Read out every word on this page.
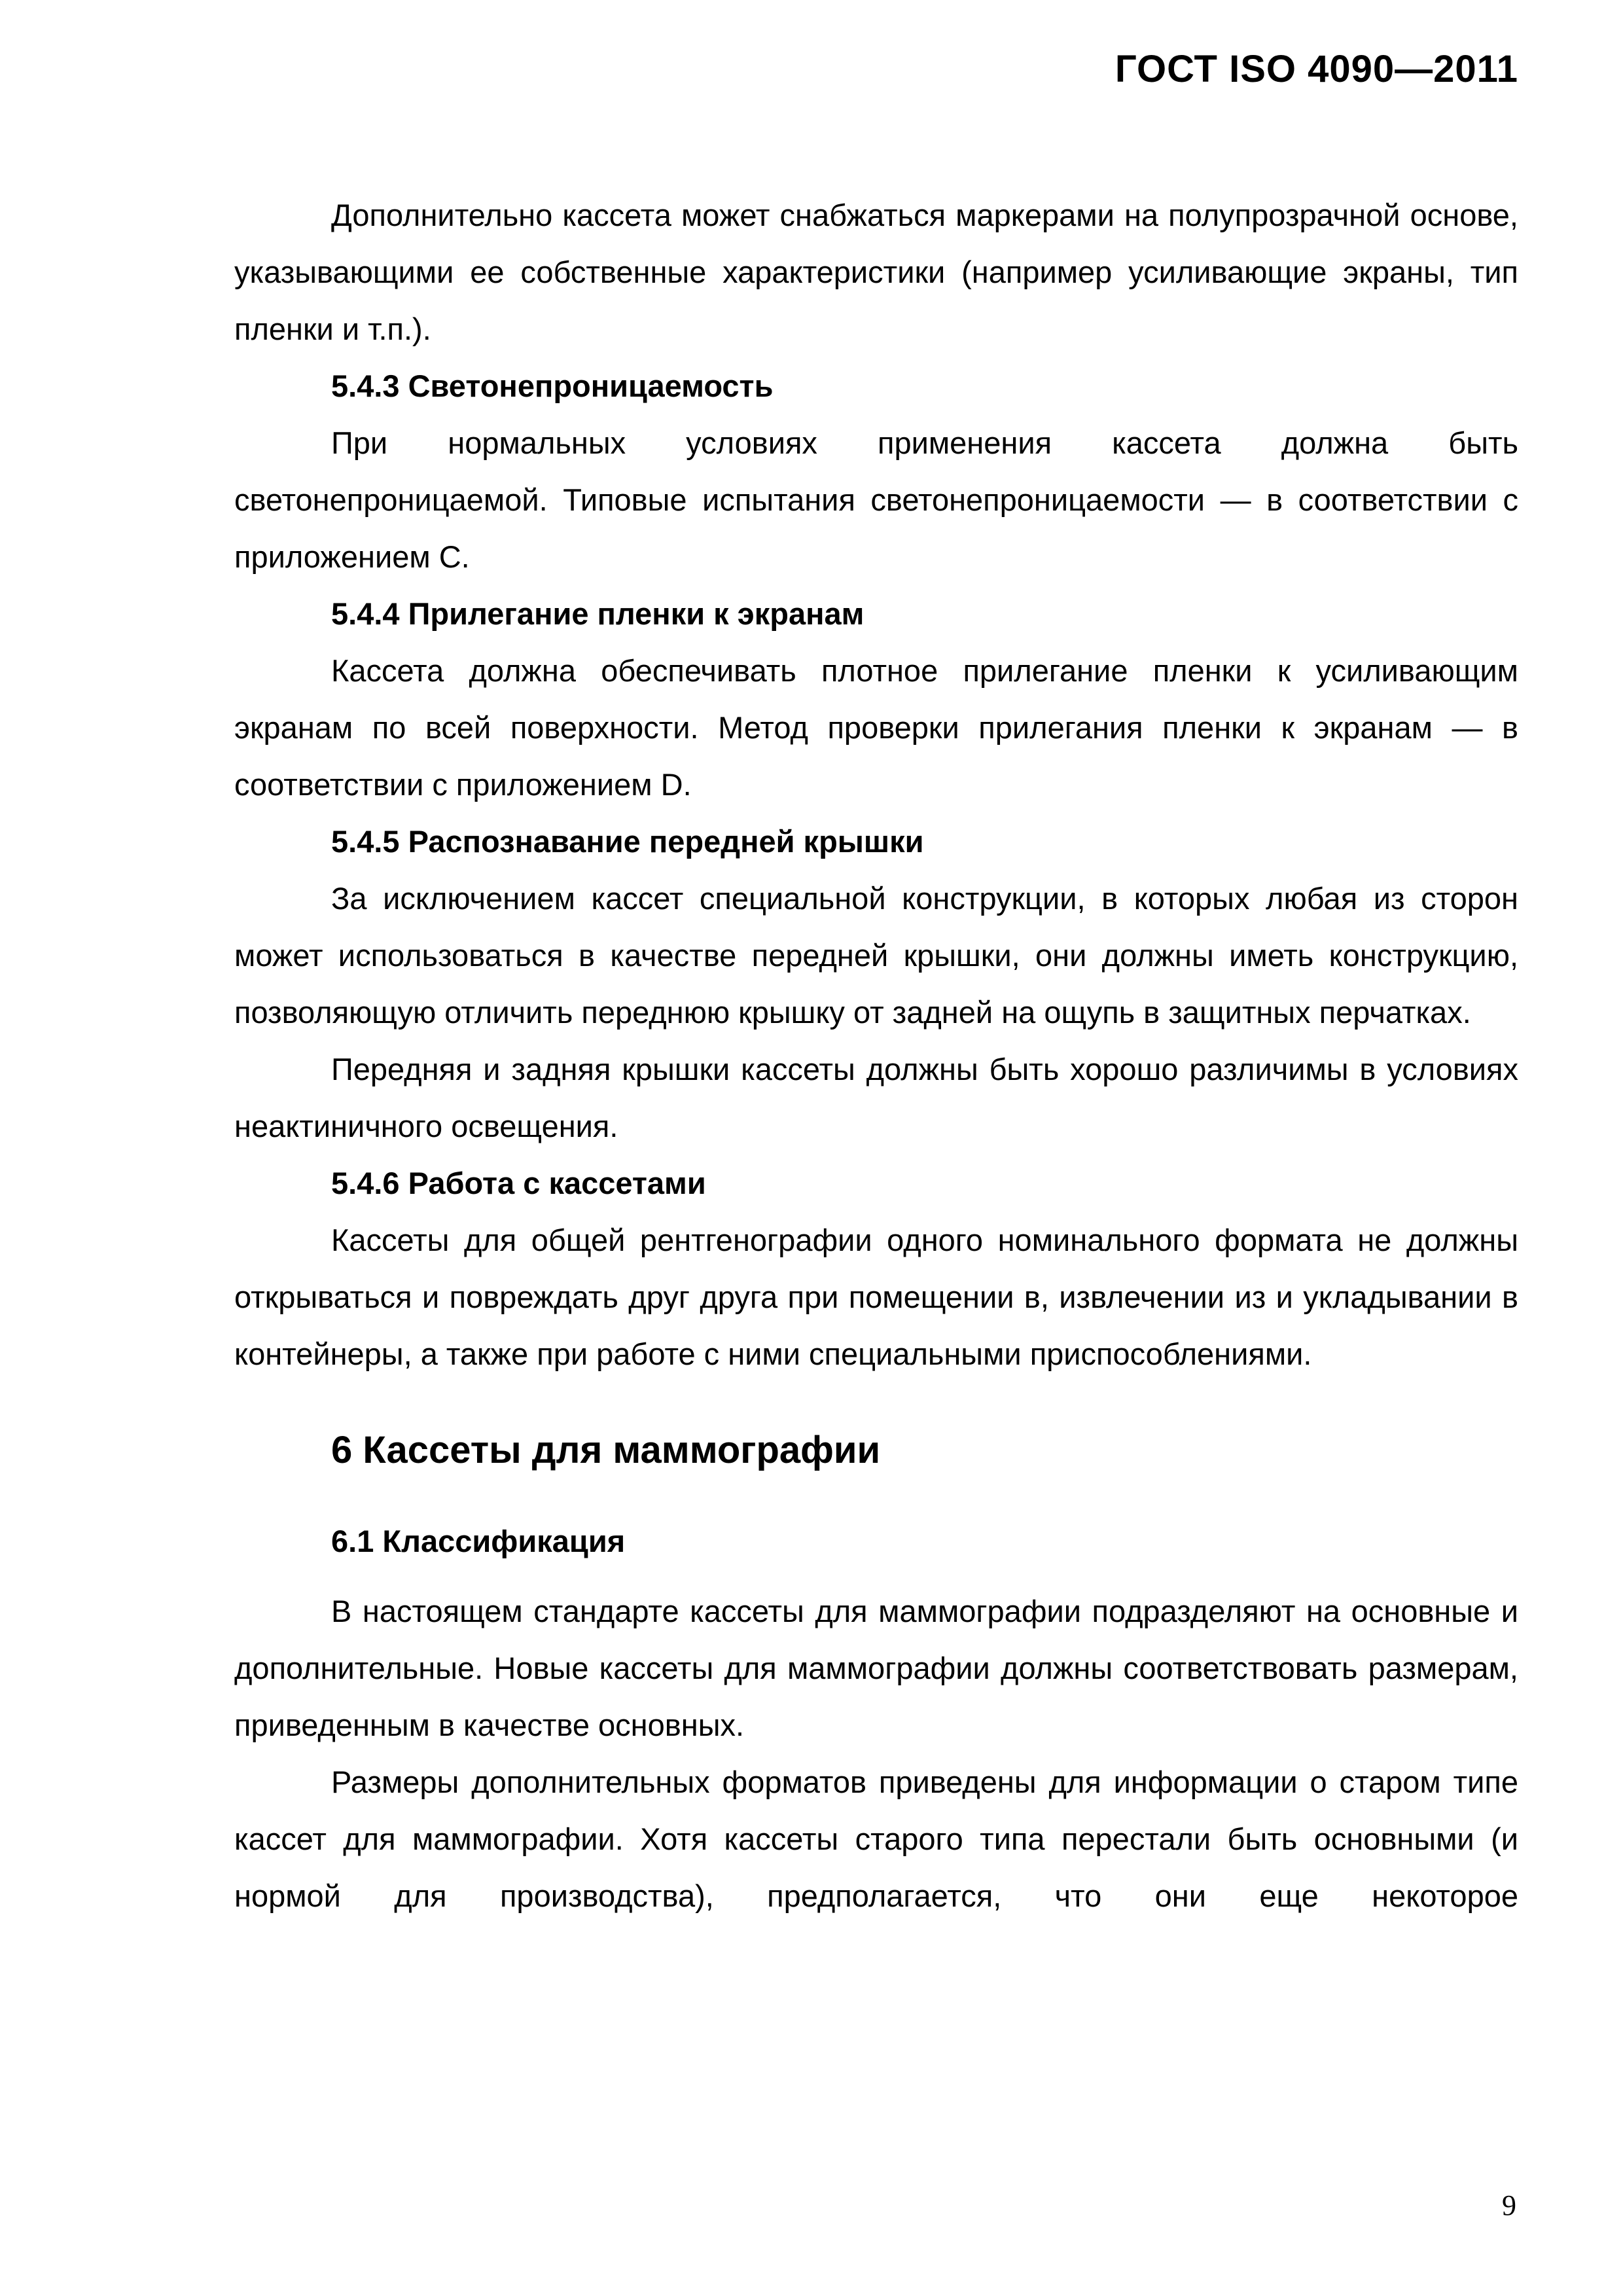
ГОСТ ISO 4090—2011

Дополнительно кассета может снабжаться маркерами на полупрозрачной основе, указывающими ее собственные характеристики (например усиливающие экраны, тип пленки и т.п.).

5.4.3 Светонепроницаемость

При нормальных условиях применения кассета должна быть светонепроницаемой. Типовые испытания светонепроницаемости — в соответствии с приложением С.

5.4.4 Прилегание пленки к экранам

Кассета должна обеспечивать плотное прилегание пленки к усиливающим экранам по всей поверхности. Метод проверки прилегания пленки к экранам — в соответствии с приложением D.

5.4.5 Распознавание передней крышки

За исключением кассет специальной конструкции, в которых любая из сторон может использоваться в качестве передней крышки, они должны иметь конструкцию, позволяющую отличить переднюю крышку от задней на ощупь в защитных перчатках.

Передняя и задняя крышки кассеты должны быть хорошо различимы в условиях неактиничного освещения.

5.4.6 Работа с кассетами

Кассеты для общей рентгенографии одного номинального формата не должны открываться и повреждать друг друга при помещении в, извлечении из и укладывании в контейнеры, а также при работе с ними специальными приспособлениями.

6 Кассеты для маммографии

6.1 Классификация

В настоящем стандарте кассеты для маммографии подразделяют на основные и дополнительные. Новые кассеты для маммографии должны соответствовать размерам, приведенным в качестве основных.

Размеры дополнительных форматов приведены для информации о старом типе кассет для маммографии. Хотя кассеты старого типа перестали быть основными (и нормой для производства), предполагается, что они еще некоторое

9
